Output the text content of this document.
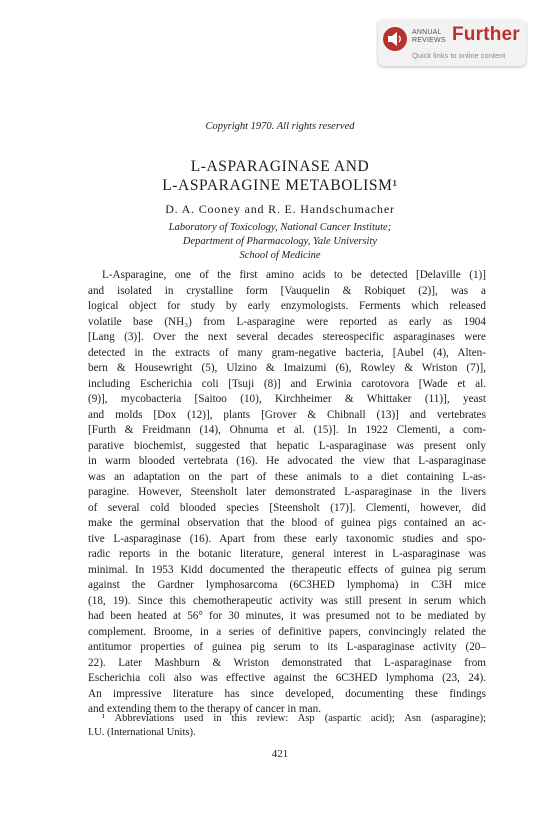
ANNUAL
REVIEWS Further
Quick links to online content
Copyright 1970. All rights reserved
L-ASPARAGINASE AND
L-ASPARAGINE METABOLISM¹
D. A. Cooney and R. E. Handschumacher
Laboratory of Toxicology, National Cancer Institute;
Department of Pharmacology, Yale University
School of Medicine
L-Asparagine, one of the first amino acids to be detected [Delaville (1)]
and isolated in crystalline form [Vauquelin & Robiquet (2)], was a
logical object for study by early enzymologists. Ferments which released
volatile base (NH₃) from L-asparagine were reported as early as 1904
[Lang (3)]. Over the next several decades stereospecific asparaginases were
detected in the extracts of many gram-negative bacteria, [Aubel (4), Alten-
bern & Housewright (5), Ulzino & Imaizumi (6), Rowley & Wriston (7)],
including Escherichia coli [Tsuji (8)] and Erwinia carotovora [Wade et al.
(9)], mycobacteria [Saitoo (10), Kirchheimer & Whittaker (11)], yeast
and molds [Dox (12)], plants [Grover & Chibnall (13)] and vertebrates
[Furth & Freidmann (14), Ohnuma et al. (15)]. In 1922 Clementi, a com-
parative biochemist, suggested that hepatic L-asparaginase was present only
in warm blooded vertebrata (16). He advocated the view that L-asparaginase
was an adaptation on the part of these animals to a diet containing L-as-
paragine. However, Steensholt later demonstrated L-asparaginase in the livers
of several cold blooded species [Steensholt (17)]. Clementi, however, did
make the germinal observation that the blood of guinea pigs contained an ac-
tive L-asparaginase (16). Apart from these early taxonomic studies and spo-
radic reports in the botanic literature, general interest in L-asparaginase was
minimal. In 1953 Kidd documented the therapeutic effects of guinea pig serum
against the Gardner lymphosarcoma (6C3HED lymphoma) in C3H mice
(18, 19). Since this chemotherapeutic activity was still present in serum which
had been heated at 56° for 30 minutes, it was presumed not to be mediated by
complement. Broome, in a series of definitive papers, convincingly related the
antitumor properties of guinea pig serum to its L-asparaginase activity (20–
22). Later Mashburn & Wriston demonstrated that L-asparaginase from
Escherichia coli also was effective against the 6C3HED lymphoma (23, 24).
An impressive literature has since developed, documenting these findings
and extending them to the therapy of cancer in man.
¹ Abbreviations used in this review: Asp (aspartic acid); Asn (asparagine);
I.U. (International Units).
421
